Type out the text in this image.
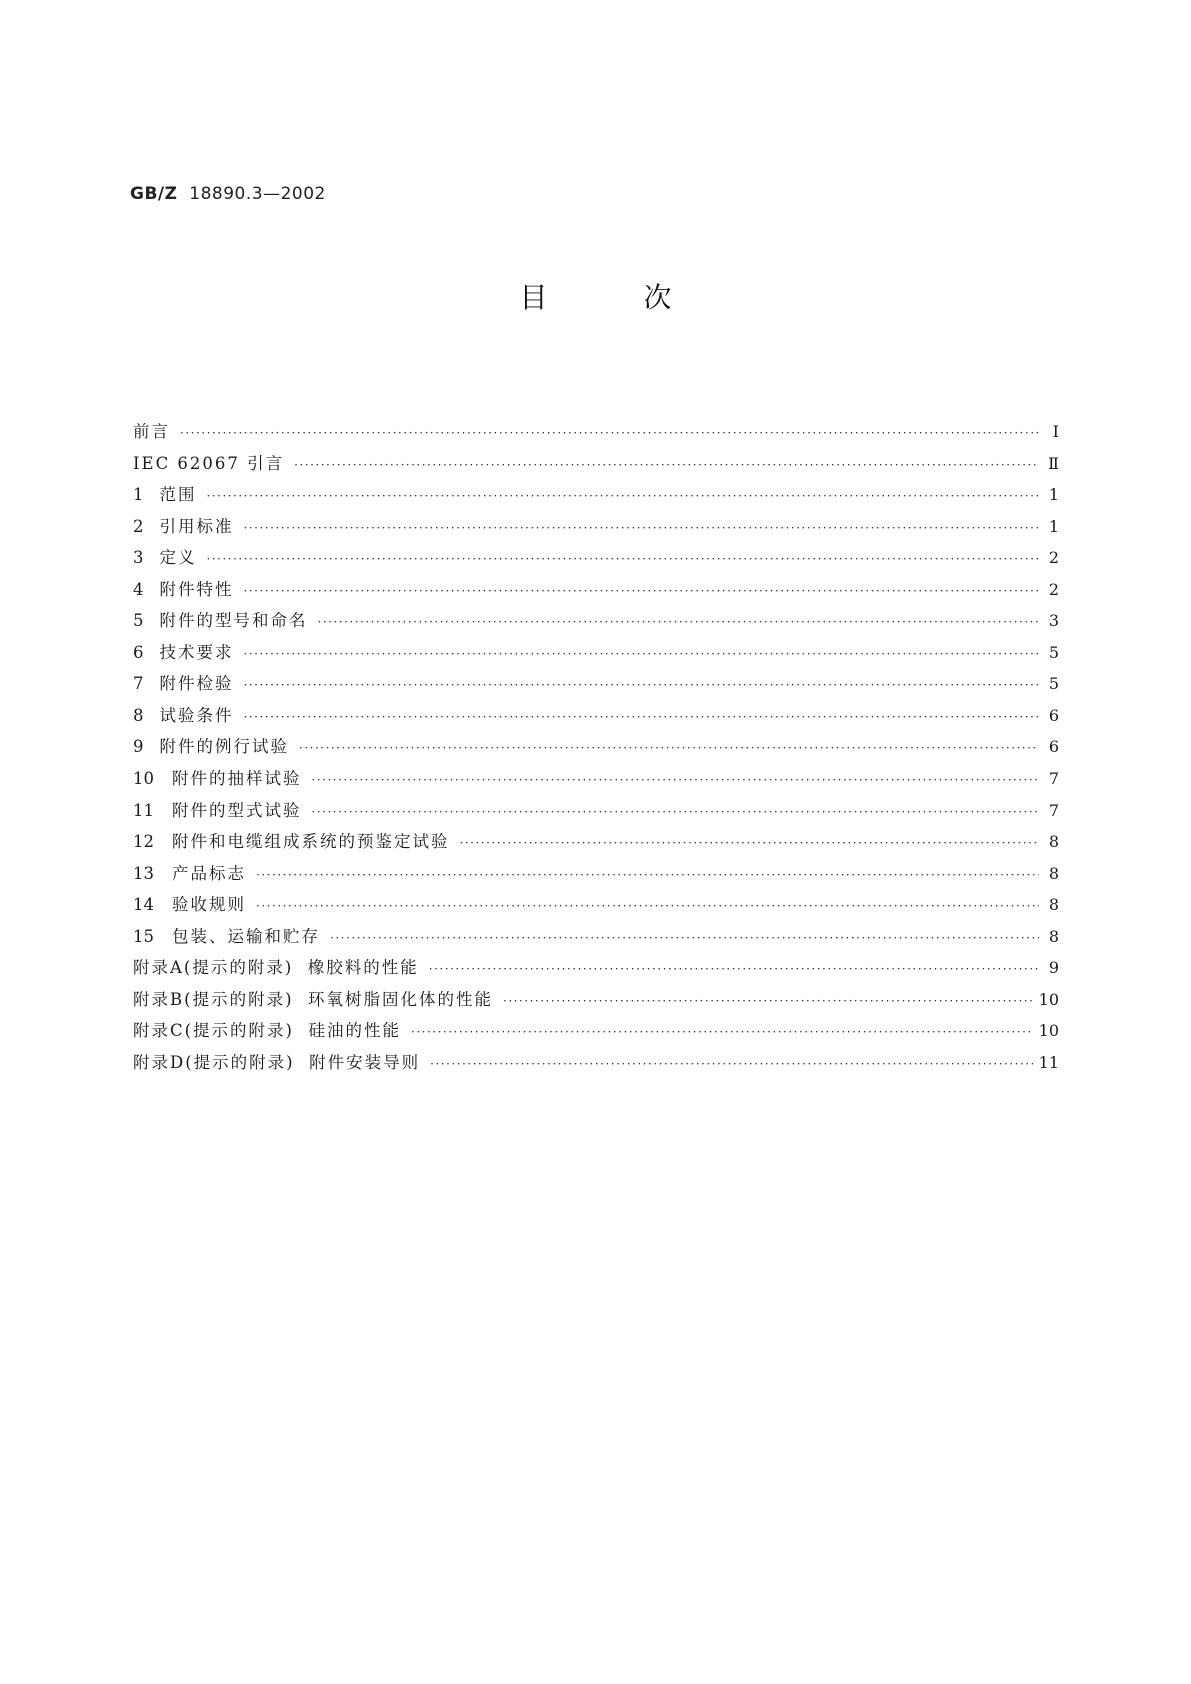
GB/Z 18890.3—2002
目次
前言 ·····	I
IEC 62067 引言 ·····	Ⅱ
1 范围 ·····	1
2 引用标准 ·····	1
3 定义 ·····	2
4 附件特性 ·····	2
5 附件的型号和命名 ·····	3
6 技术要求 ·····	5
7 附件检验 ·····	5
8 试验条件 ·····	6
9 附件的例行试验 ·····	6
10 附件的抽样试验 ·····	7
11 附件的型式试验 ·····	7
12 附件和电缆组成系统的预鉴定试验 ·····	8
13 产品标志 ·····	8
14 验收规则 ·····	8
15 包装、运输和贮存 ·····	8
附录A(提示的附录)  橡胶料的性能 ·····	9
附录B(提示的附录)  环氧树脂固化体的性能 ·····	10
附录C(提示的附录)  硅油的性能 ·····	10
附录D(提示的附录)  附件安装导则 ·····	11
